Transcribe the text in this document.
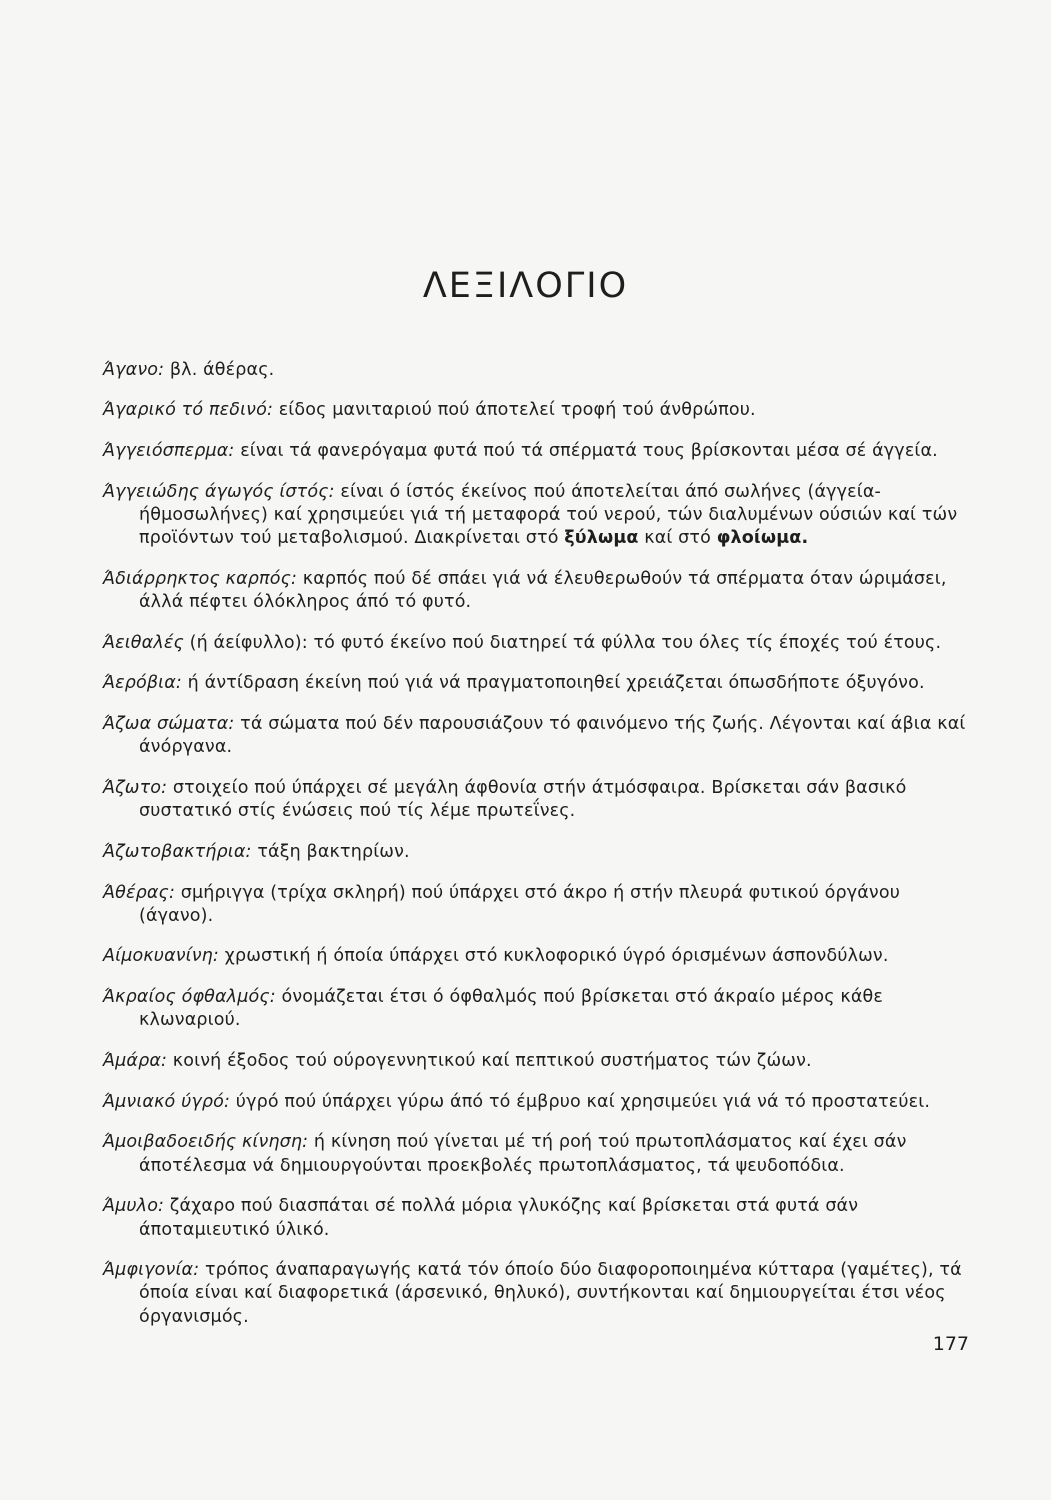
ΛΕΞΙΛΟΓΙΟ

Άγανο: βλ. άθέρας.

Άγαρικό τό πεδινό: είδος μανιταριού πού άποτελεί τροφή τού άνθρώπου.

Άγγειόσπερμα: είναι τά φανερόγαμα φυτά πού τά σπέρματά τους βρίσκονται μέσα σέ άγγεία.

Άγγειώδης άγωγός ίστός: είναι ό ίστός έκείνος πού άποτελείται άπό σωλήνες (άγγεία-ήθμοσωλήνες) καί χρησιμεύει γιά τή μεταφορά τού νερού, τών διαλυμένων ούσιών καί τών προϊόντων τού μεταβολισμού. Διακρίνεται στό ξύλωμα καί στό φλοίωμα.

Άδιάρρηκτος καρπός: καρπός πού δέ σπάει γιά νά έλευθερωθούν τά σπέρματα όταν ώριμάσει, άλλά πέφτει όλόκληρος άπό τό φυτό.

Άειθαλές (ή άείφυλλο): τό φυτό έκείνο πού διατηρεί τά φύλλα του όλες τίς έποχές τού έτους.

Άερόβια: ή άντίδραση έκείνη πού γιά νά πραγματοποιηθεί χρειάζεται όπωσδήποτε όξυγόνο.

Άζωα σώματα: τά σώματα πού δέν παρουσιάζουν τό φαινόμενο τής ζωής. Λέγονται καί άβια καί άνόργανα.

Άζωτο: στοιχείο πού ύπάρχει σέ μεγάλη άφθονία στήν άτμόσφαιρα. Βρίσκεται σάν βασικό συστατικό στίς ένώσεις πού τίς λέμε πρωτεΐνες.

Άζωτοβακτήρια: τάξη βακτηρίων.

Άθέρας: σμήριγγα (τρίχα σκληρή) πού ύπάρχει στό άκρο ή στήν πλευρά φυτικού όργάνου (άγανο).

Αίμοκυανίνη: χρωστική ή όποία ύπάρχει στό κυκλοφορικό ύγρό όρισμένων άσπονδύλων.

Άκραίος όφθαλμός: όνομάζεται έτσι ό όφθαλμός πού βρίσκεται στό άκραίο μέρος κάθε κλωναριού.

Άμάρα: κοινή έξοδος τού ούρογεννητικού καί πεπτικού συστήματος τών ζώων.

Άμνιακό ύγρό: ύγρό πού ύπάρχει γύρω άπό τό έμβρυο καί χρησιμεύει γιά νά τό προστατεύει.

Άμοιβαδοειδής κίνηση: ή κίνηση πού γίνεται μέ τή ροή τού πρωτοπλάσματος καί έχει σάν άποτέλεσμα νά δημιουργούνται προεκβολές πρωτοπλάσματος, τά ψευδοπόδια.

Άμυλο: ζάχαρο πού διασπάται σέ πολλά μόρια γλυκόζης καί βρίσκεται στά φυτά σάν άποταμιευτικό ύλικό.

Άμφιγονία: τρόπος άναπαραγωγής κατά τόν όποίο δύο διαφοροποιημένα κύτταρα (γαμέτες), τά όποία είναι καί διαφορετικά (άρσενικό, θηλυκό), συντήκονται καί δημιουργείται έτσι νέος όργανισμός.

177
